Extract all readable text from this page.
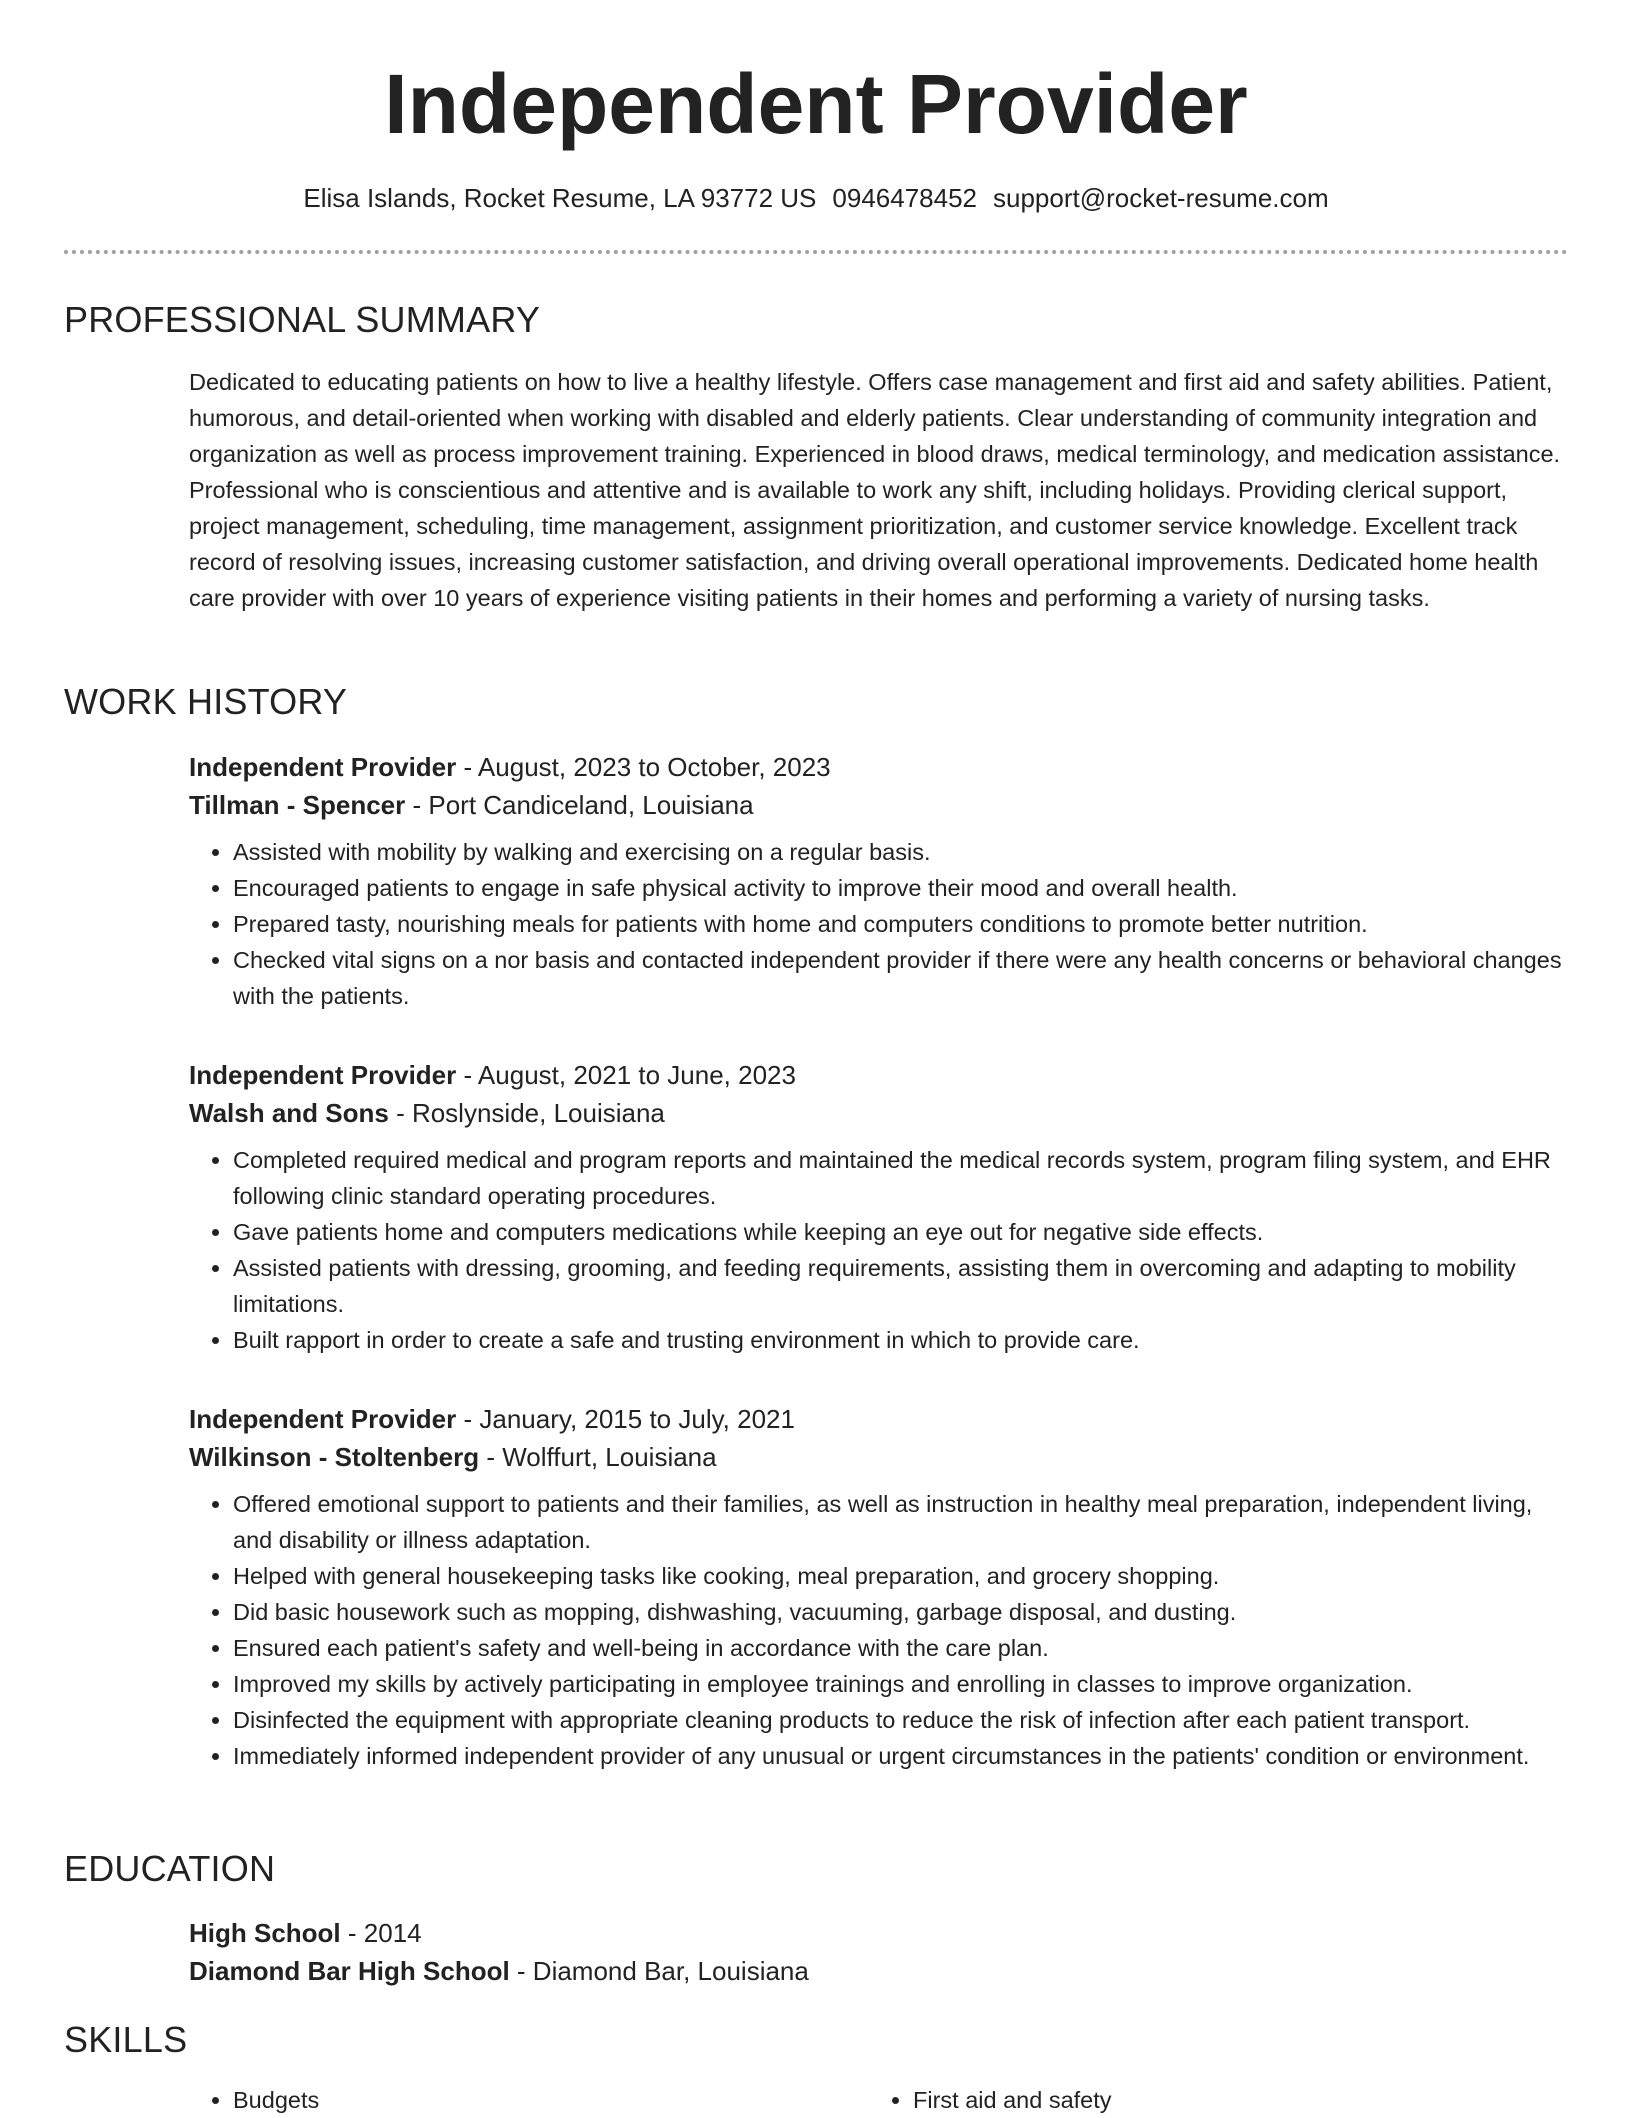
Independent Provider
Elisa Islands, Rocket Resume, LA 93772 US 0946478452 support@rocket-resume.com
PROFESSIONAL SUMMARY
Dedicated to educating patients on how to live a healthy lifestyle. Offers case management and first aid and safety abilities. Patient, humorous, and detail-oriented when working with disabled and elderly patients. Clear understanding of community integration and organization as well as process improvement training. Experienced in blood draws, medical terminology, and medication assistance. Professional who is conscientious and attentive and is available to work any shift, including holidays. Providing clerical support, project management, scheduling, time management, assignment prioritization, and customer service knowledge. Excellent track record of resolving issues, increasing customer satisfaction, and driving overall operational improvements. Dedicated home health care provider with over 10 years of experience visiting patients in their homes and performing a variety of nursing tasks.
WORK HISTORY
Independent Provider - August, 2023 to October, 2023
Tillman - Spencer - Port Candiceland, Louisiana
• Assisted with mobility by walking and exercising on a regular basis.
• Encouraged patients to engage in safe physical activity to improve their mood and overall health.
• Prepared tasty, nourishing meals for patients with home and computers conditions to promote better nutrition.
• Checked vital signs on a nor basis and contacted independent provider if there were any health concerns or behavioral changes with the patients.
Independent Provider - August, 2021 to June, 2023
Walsh and Sons - Roslynside, Louisiana
• Completed required medical and program reports and maintained the medical records system, program filing system, and EHR following clinic standard operating procedures.
• Gave patients home and computers medications while keeping an eye out for negative side effects.
• Assisted patients with dressing, grooming, and feeding requirements, assisting them in overcoming and adapting to mobility limitations.
• Built rapport in order to create a safe and trusting environment in which to provide care.
Independent Provider - January, 2015 to July, 2021
Wilkinson - Stoltenberg - Wolffurt, Louisiana
• Offered emotional support to patients and their families, as well as instruction in healthy meal preparation, independent living, and disability or illness adaptation.
• Helped with general housekeeping tasks like cooking, meal preparation, and grocery shopping.
• Did basic housework such as mopping, dishwashing, vacuuming, garbage disposal, and dusting.
• Ensured each patient's safety and well-being in accordance with the care plan.
• Improved my skills by actively participating in employee trainings and enrolling in classes to improve organization.
• Disinfected the equipment with appropriate cleaning products to reduce the risk of infection after each patient transport.
• Immediately informed independent provider of any unusual or urgent circumstances in the patients' condition or environment.
EDUCATION
High School - 2014
Diamond Bar High School - Diamond Bar, Louisiana
SKILLS
• Budgets
•	First aid and safety
